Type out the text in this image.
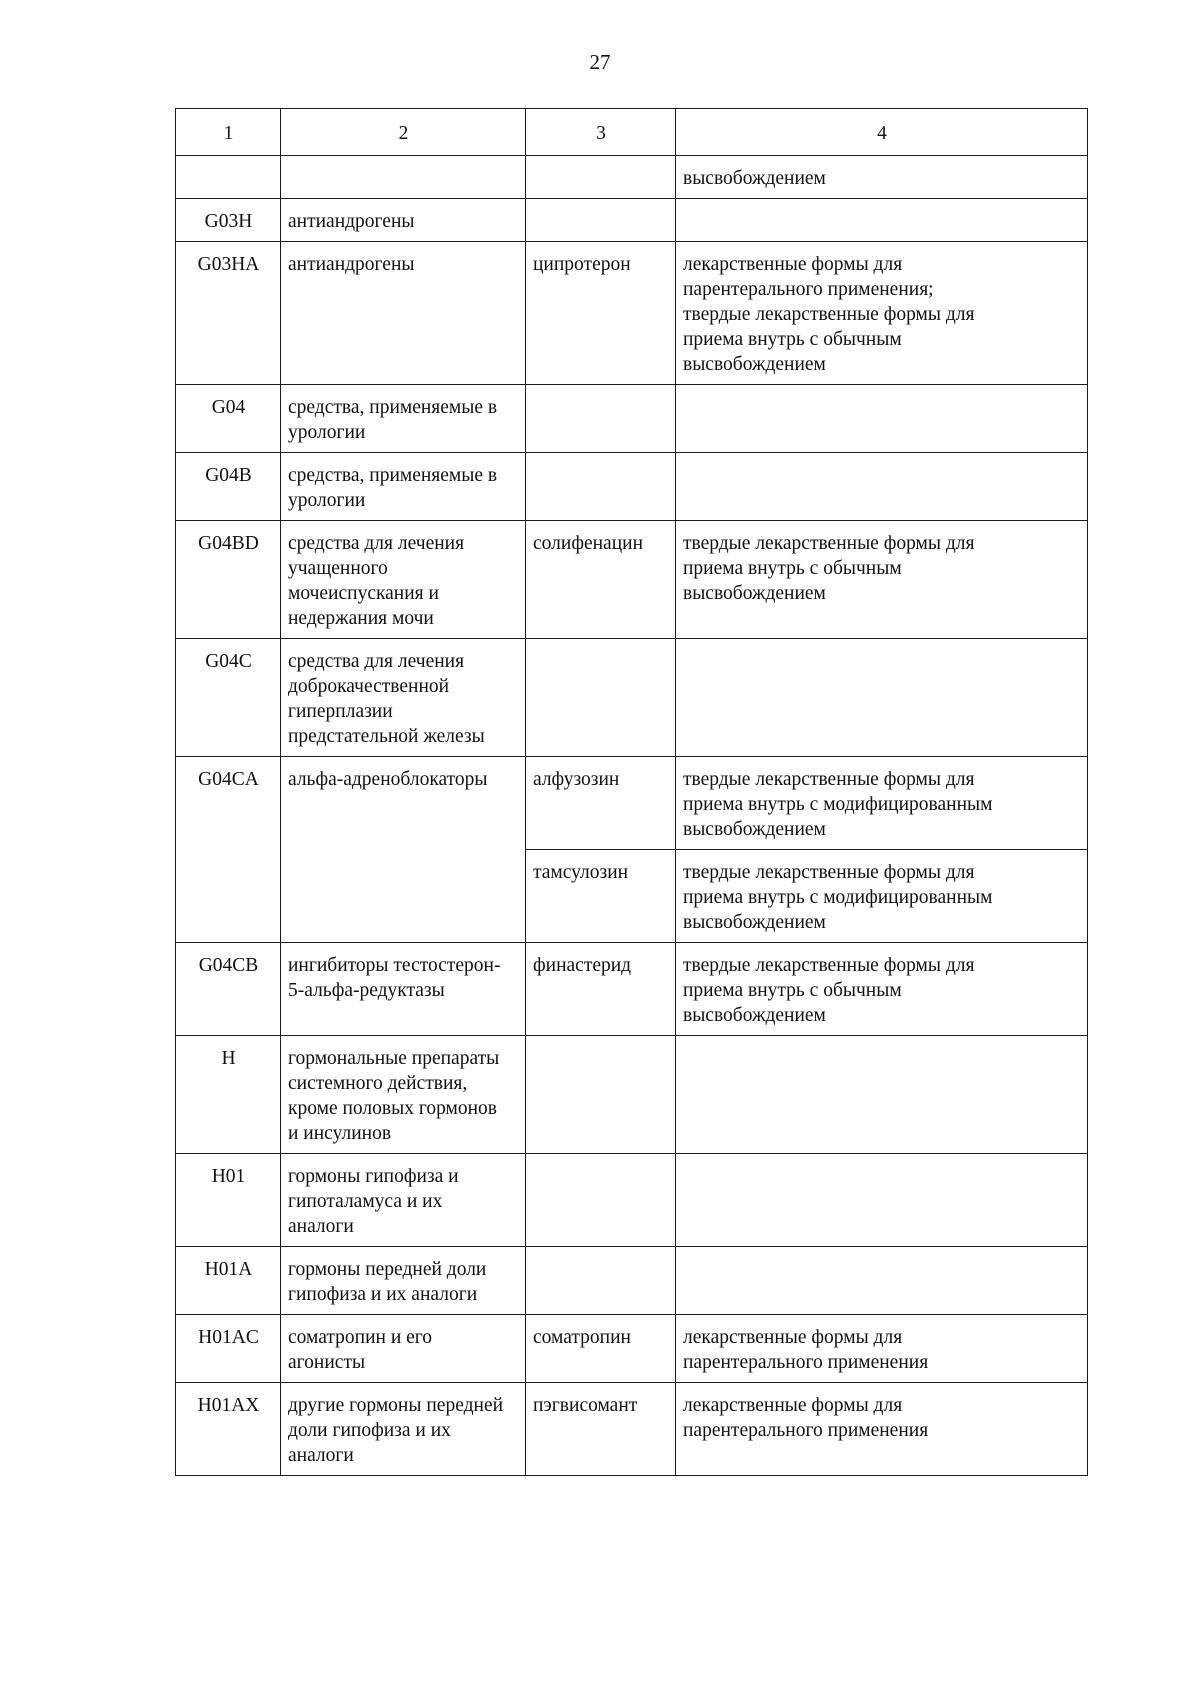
27
1	2	3	4
			высвобождением
G03H	антиандрогены		
G03HA	антиандрогены	ципротерон	лекарственные формы для
парентерального применения;
твердые лекарственные формы для
приема внутрь с обычным
высвобождением
G04	средства, применяемые в
урологии		
G04B	средства, применяемые в
урологии		
G04BD	средства для лечения
учащенного
мочеиспускания и
недержания мочи	солифенацин	твердые лекарственные формы для
приема внутрь с обычным
высвобождением
G04C	средства для лечения
доброкачественной
гиперплазии
предстательной железы		
G04CA	альфа-адреноблокаторы	алфузозин	твердые лекарственные формы для
приема внутрь с модифицированным
высвобождением
		тамсулозин	твердые лекарственные формы для
приема внутрь с модифицированным
высвобождением
G04CB	ингибиторы тестостерон-
5-альфа-редуктазы	финастерид	твердые лекарственные формы для
приема внутрь с обычным
высвобождением
H	гормональные препараты
системного действия,
кроме половых гормонов
и инсулинов		
H01	гормоны гипофиза и
гипоталамуса и их
аналоги		
H01A	гормоны передней доли
гипофиза и их аналоги		
H01AC	соматропин и его
агонисты	соматропин	лекарственные формы для
парентерального применения
H01AX	другие гормоны передней
доли гипофиза и их
аналоги	пэгвисомант	лекарственные формы для
парентерального применения
